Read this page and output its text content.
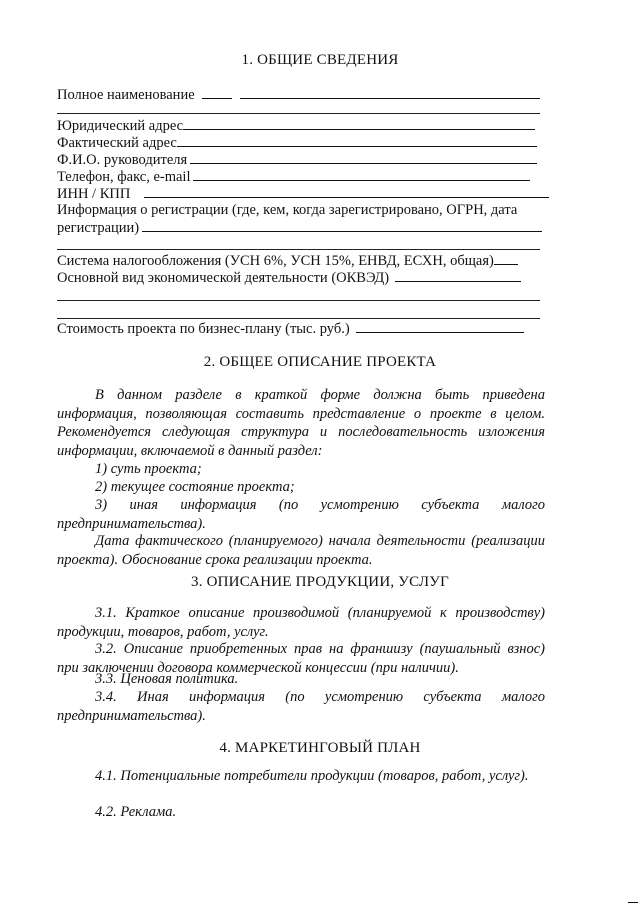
1. ОБЩИЕ СВЕДЕНИЯ
Полное наименование
Юридический адрес
Фактический адрес
Ф.И.О. руководителя
Телефон, факс, e-mail
ИНН / КПП
Информация о регистрации (где, кем, когда зарегистрировано, ОГРН, дата
регистрации)
Система налогообложения (УСН 6%, УСН 15%, ЕНВД, ЕСХН, общая)
Основной вид экономической деятельности (ОКВЭД)
Стоимость проекта по бизнес-плану (тыс. руб.)
2. ОБЩЕЕ ОПИСАНИЕ ПРОЕКТА
В данном разделе в краткой форме должна быть приведена информация, позволяющая составить представление о проекте в целом. Рекомендуется следующая структура и последовательность изложения информации, включаемой в данный раздел:
1) суть проекта;
2) текущее состояние проекта;
3) иная информация (по усмотрению субъекта малого предпринимательства).
Дата фактического (планируемого) начала деятельности (реализации проекта). Обоснование срока реализации проекта.
3. ОПИСАНИЕ ПРОДУКЦИИ, УСЛУГ
3.1. Краткое описание производимой (планируемой к производству) продукции, товаров, работ, услуг.
3.2. Описание приобретенных прав на франшизу (паушальный взнос) при заключении договора коммерческой концессии (при наличии).
3.3. Ценовая политика.
3.4. Иная информация (по усмотрению субъекта малого предпринимательства).
4. МАРКЕТИНГОВЫЙ ПЛАН
4.1. Потенциальные потребители продукции (товаров, работ, услуг).
4.2. Реклама.
